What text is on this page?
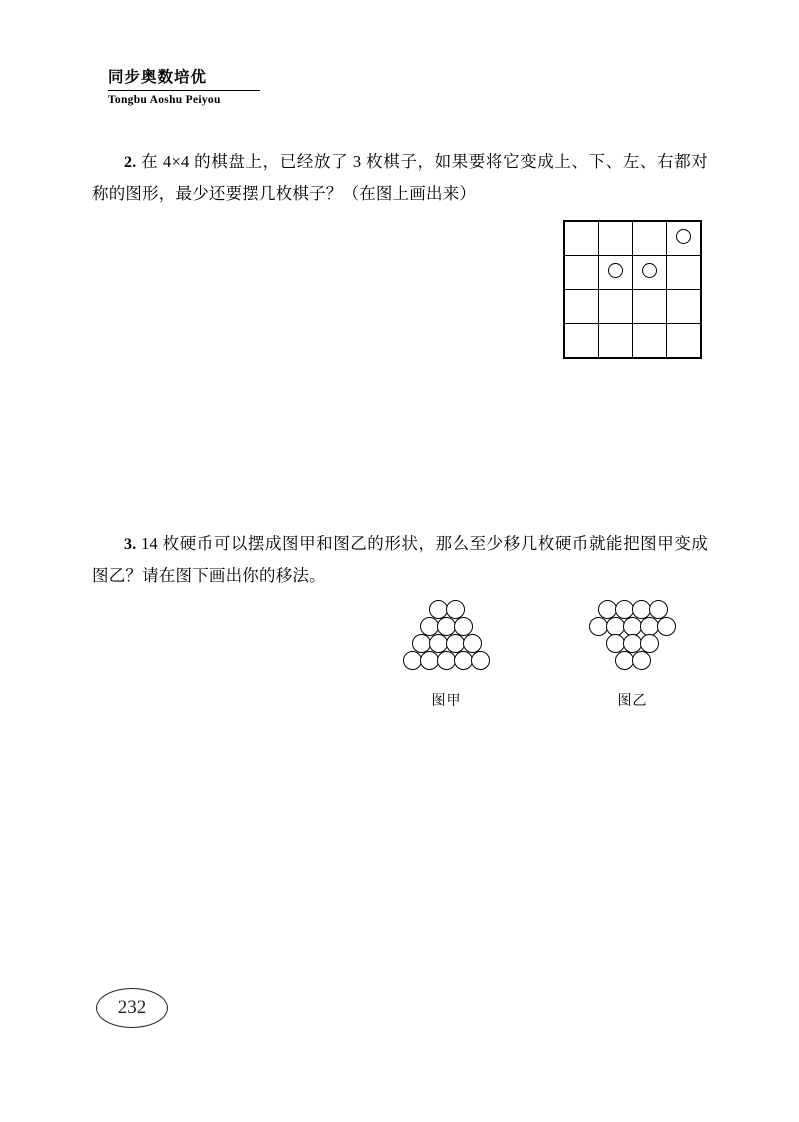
同步奥数培优
Tongbu Aoshu Peiyou
2. 在 4×4 的棋盘上，已经放了 3 枚棋子，如果要将它变成上、下、左、右都对称的图形，最少还要摆几枚棋子？（在图上画出来）

3. 14 枚硬币可以摆成图甲和图乙的形状，那么至少移几枚硬币就能把图甲变成图乙？请在图下画出你的移法。
图甲	图乙
232
